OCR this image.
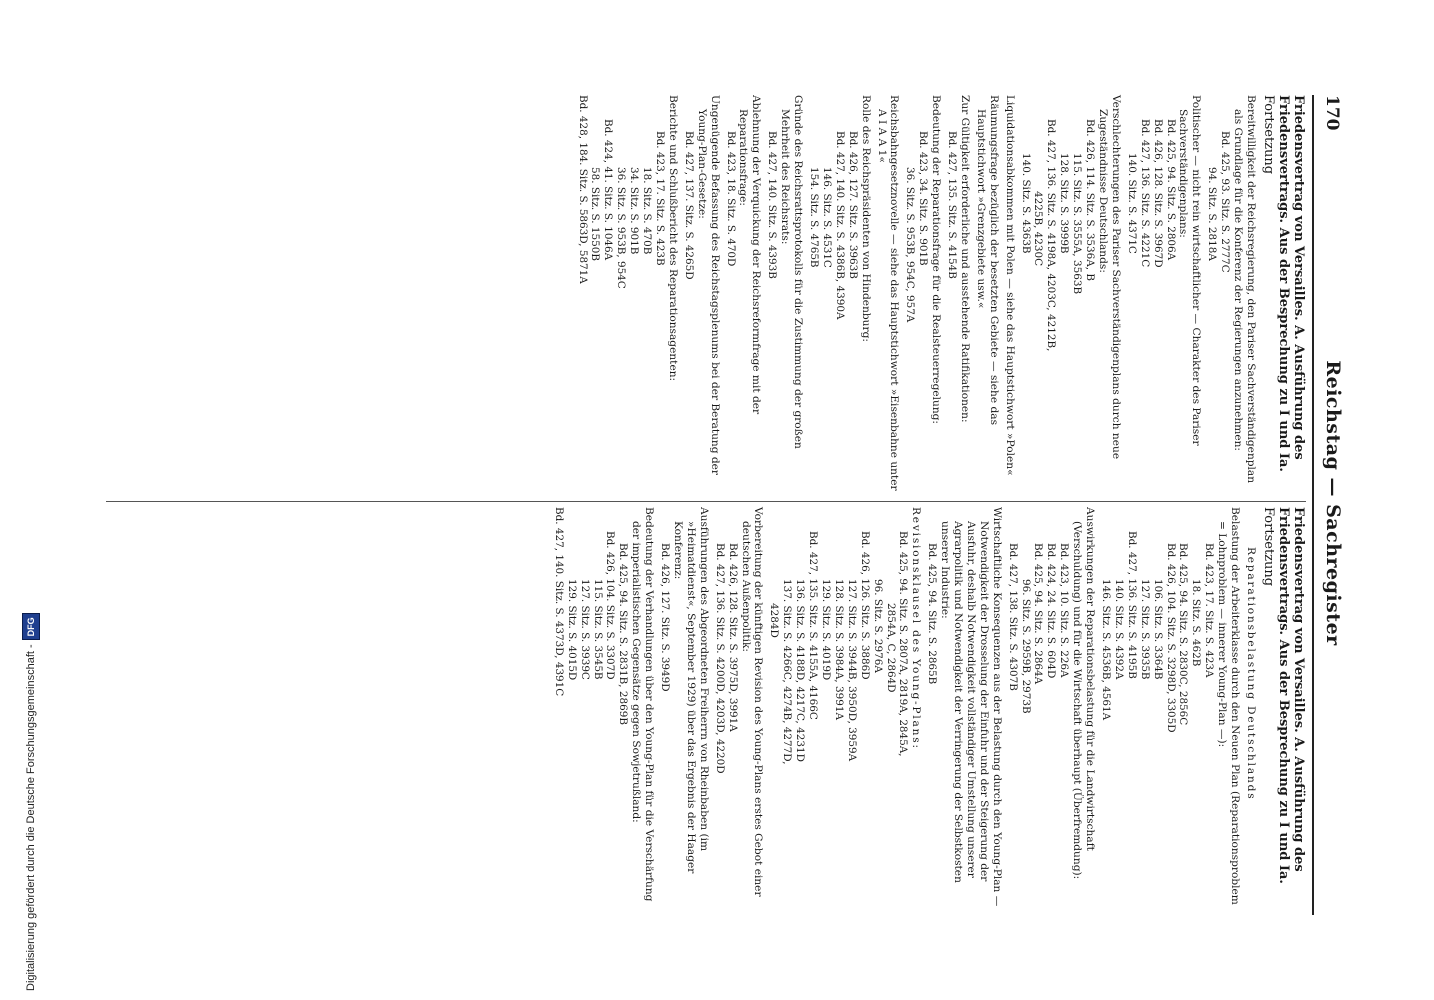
170
Reichstag — Sachregister
Friedensvertrag von Versailles. A. Ausführung des Friedensvertrags. Aus der Besprechung zu I und Ia.
Fortsetzung
Bereitwilligkeit der Reichsregierung, den Pariser Sachverständigenplan als Grundlage für die Konferenz der Regierungen anzunehmen:
Bd. 425, 93. Sitz. S. 2777C
94. Sitz. S. 2818A
Politischer — nicht rein wirtschaftlicher — Charakter des Pariser Sachverständigenplans:
Bd. 425, 94. Sitz. S. 2806A
Bd. 426, 128. Sitz. S. 3967D
Bd. 427, 136. Sitz. S. 4221C
140. Sitz. S. 4371C
Verschlechterungen des Pariser Sachverständigenplans durch neue Zugeständnisse Deutschlands:
Bd. 426, 114. Sitz. S. 3536A, B
115. Sitz. S. 3555A, 3563B
128. Sitz. S. 3999B
Bd. 427, 136. Sitz. S. 4198A, 4203C, 4212B,
4225B, 4230C
140. Sitz. S. 4363B
Liquidationsabkommen mit Polen — siehe das Hauptstichwort »Polen«
Räumungsfrage bezüglich der besetzten Gebiete — siehe das Hauptstichwort »Grenzgebiete usw.«
Zur Gültigkeit erforderliche und ausstehende Ratifikationen:
Bd. 427, 135. Sitz. S. 4154B
Bedeutung der Reparationsfrage für die Realsteuerregelung:
Bd. 423, 34. Sitz. S. 901B
36. Sitz. S. 953B, 954C, 957A
Reichsbahngesetznovelle — siehe das Hauptstichwort »Eisenbahne unter A I A A 1«
Rolle des Reichspräsidenten von Hindenburg:
Bd. 426, 127. Sitz. S. 3963B
Bd. 427, 140. Sitz. S. 4386B, 4390A
146. Sitz. S. 4531C
154. Sitz. S. 4765B
Gründe des Reichsrattsprotokolls für die Zustimmung der großen Mehrheit des Reichsrats:
Bd. 427, 140. Sitz. S. 4393B
Ablehnung der Verquickung der Reichsreformfrage mit der Reparationsfrage:
Bd. 423, 18. Sitz. S. 470D
Ungenügende Befassung des Reichstagsplenums bei der Beratung der Young-Plan-Gesetze:
Bd. 427, 137. Sitz. S. 4265D
Berichte und Schlußbericht des Reparationsagenten:
Bd. 423, 17. Sitz. S. 423B
18. Sitz. S. 470B
34. Sitz. S. 901B
36. Sitz. S. 953B, 954C
Bd. 424, 41. Sitz. S. 1046A
58. Sitz. S. 1550B
Bd. 428, 184. Sitz. S. 5863D, 5871A
Friedensvertrag von Versailles. A. Ausführung des Friedensvertrags. Aus der Besprechung zu I und Ia.
Fortsetzung
Reparationsbelastung Deutschlands
Belastung der Arbeiterklasse durch den Neuen Plan (Reparationsproblem = Lohnproblem — innerer Young-Plan —):
Bd. 423, 17. Sitz. S. 423A
18. Sitz. S. 462B
Bd. 425, 94. Sitz. S. 2830C, 2856C
Bd. 426, 104. Sitz. S. 3298D, 3305D
106. Sitz. S. 3364B
127. Sitz. S. 3935B
Bd. 427, 136. Sitz. S. 4195B
140. Sitz. S. 4392A
146. Sitz. S. 4536B, 4561A
Auswirkungen der Reparationsbelastung für die Landwirtschaft (Verschuldung) und für die Wirtschaft überhaupt (Überfremdung):
Bd. 423, 10. Sitz. S. 226A
Bd. 424, 24. Sitz. S. 604D
Bd. 425, 94. Sitz. S. 2864A
96. Sitz. S. 2959B, 2973B
Bd. 427, 138. Sitz. S. 4307B
Wirtschaftliche Konsequenzen aus der Belastung durch den Young-Plan — Notwendigkeit der Drosselung der Einfuhr und der Steigerung der Ausfuhr, deshalb Notwendigkeit vollständiger Umstellung unserer Agrarpolitik und Notwendigkeit der Verringerung der Selbstkosten unserer Industrie:
Bd. 425, 94. Sitz. S. 2865B
Revisionsklausel des Young-Plans:
Bd. 425, 94. Sitz. S. 2807A, 2819A, 2845A,
2854A, C, 2864D
96. Sitz. S. 2976A
Bd. 426, 126. Sitz. S. 3886D
127. Sitz. S. 3944B, 3950D, 3959A
128. Sitz. S. 3984A, 3991A
129. Sitz. S. 4019D
Bd. 427, 135. Sitz. S. 4155A, 4166C
136. Sitz. S. 4188D, 4217C, 4231D
137. Sitz. S. 4266C, 4274B, 4277D,
4284D
Vorbereitung der künftigen Revision des Young-Plans erstes Gebot einer deutschen Außenpolitik:
Bd. 426, 128. Sitz. S. 3975D, 3991A
Bd. 427, 136. Sitz. S. 4200D, 4203D, 4220D
Ausführungen des Abgeordneten Freiherrn von Rheinbaben (im »Heimatdienst«, September 1929) über das Ergebnis der Haager Konferenz:
Bd. 426, 127. Sitz. S. 3949D
Bedeutung der Verhandlungen über den Young-Plan für die Verschärfung der imperialistischen Gegensätze gegen Sowjetrußland:
Bd. 425, 94. Sitz. S. 2831B, 2869B
Bd. 426, 104. Sitz. S. 3307D
115. Sitz. S. 3545B
127. Sitz. S. 3939C
129. Sitz. S. 4015D
Bd. 427, 140. Sitz. S. 4373D, 4391C
Digitalisierung gefördert durch die Deutsche Forschungsgemeinschaft -DFG
